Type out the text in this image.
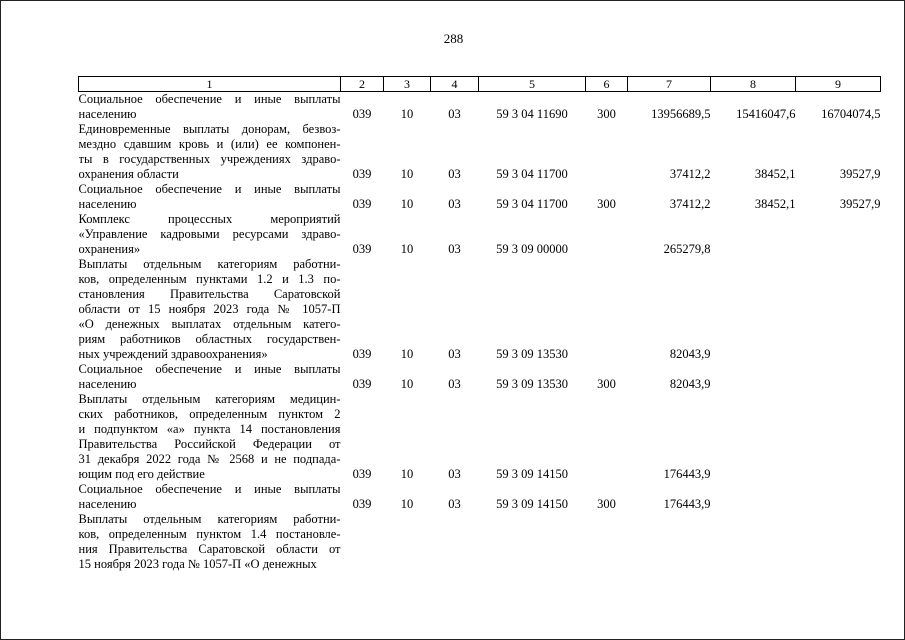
288
1	2	3	4	5	6	7	8	9

Социальное обеспечение и иные выплаты
населению	039	10	03	59 3 04 11690	300	13956689,5	15416047,6	16704074,5

Единовременные выплаты донорам, безвоз-
мездно сдавшим кровь и (или) ее компонен-
ты в государственных учреждениях здраво-
охранения области	039	10	03	59 3 04 11700		37412,2	38452,1	39527,9

Социальное обеспечение и иные выплаты
населению	039	10	03	59 3 04 11700	300	37412,2	38452,1	39527,9

Комплекс процессных мероприятий
«Управление кадровыми ресурсами здраво-
охранения»	039	10	03	59 3 09 00000		265279,8		

Выплаты отдельным категориям работни-
ков, определенным пунктами 1.2 и 1.3 по-
становления Правительства Саратовской
области от 15 ноября 2023 года № 1057-П
«О денежных выплатах отдельным катего-
риям работников областных государствен-
ных учреждений здравоохранения»	039	10	03	59 3 09 13530		82043,9		

Социальное обеспечение и иные выплаты
населению	039	10	03	59 3 09 13530	300	82043,9		

Выплаты отдельным категориям медицин-
ских работников, определенным пунктом 2
и подпунктом «а» пункта 14 постановления
Правительства Российской Федерации от
31 декабря 2022 года № 2568 и не подпада-
ющим под его действие	039	10	03	59 3 09 14150		176443,9		

Социальное обеспечение и иные выплаты
населению	039	10	03	59 3 09 14150	300	176443,9		

Выплаты отдельным категориям работни-
ков, определенным пунктом 1.4 постановле-
ния Правительства Саратовской области от
15 ноября 2023 года № 1057-П «О денежных								
